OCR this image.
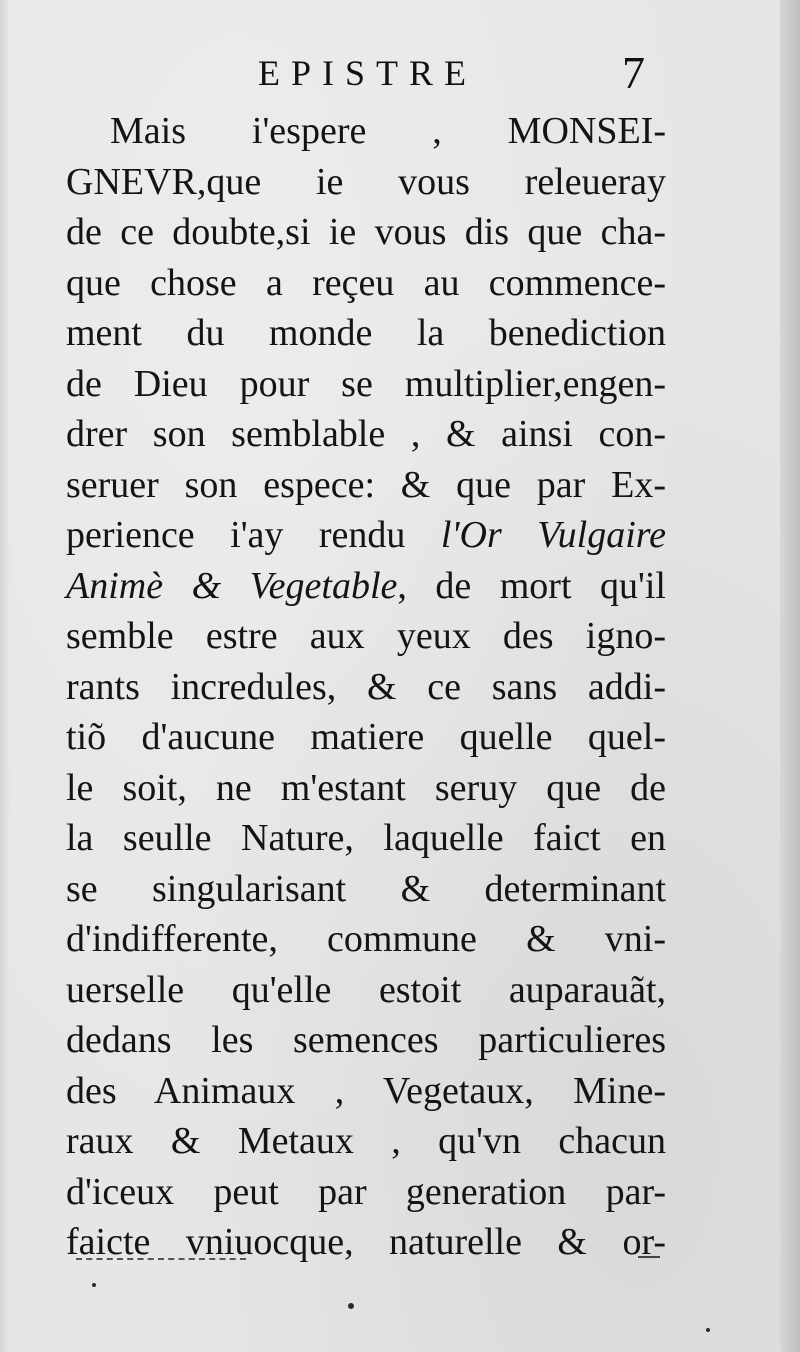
EPISTRE	7
Mais i'espere , MONSEI-
GNEVR,que ie vous releueray
de ce doubte,si ie vous dis que cha-
que chose a reçeu au commence-
ment du monde la benediction
de Dieu pour se multiplier,engen-
drer son semblable , & ainsi con-
seruer son espece: & que par Ex-
perience i'ay rendu l'Or Vulgaire
Animè & Vegetable, de mort qu'il
semble estre aux yeux des igno-
rants incredules, & ce sans addi-
tiõ d'aucune matiere quelle quel-
le soit, ne m'estant seruy que de
la seulle Nature, laquelle faict en
se singularisant & determinant
d'indifferente, commune & vni-
uerselle qu'elle estoit auparauãt,
dedans les semences particulieres
des Animaux , Vegetaux, Mine-
raux & Metaux , qu'vn chacun
d'iceux peut par generation par-
faicte vniuocque, naturelle & or-
